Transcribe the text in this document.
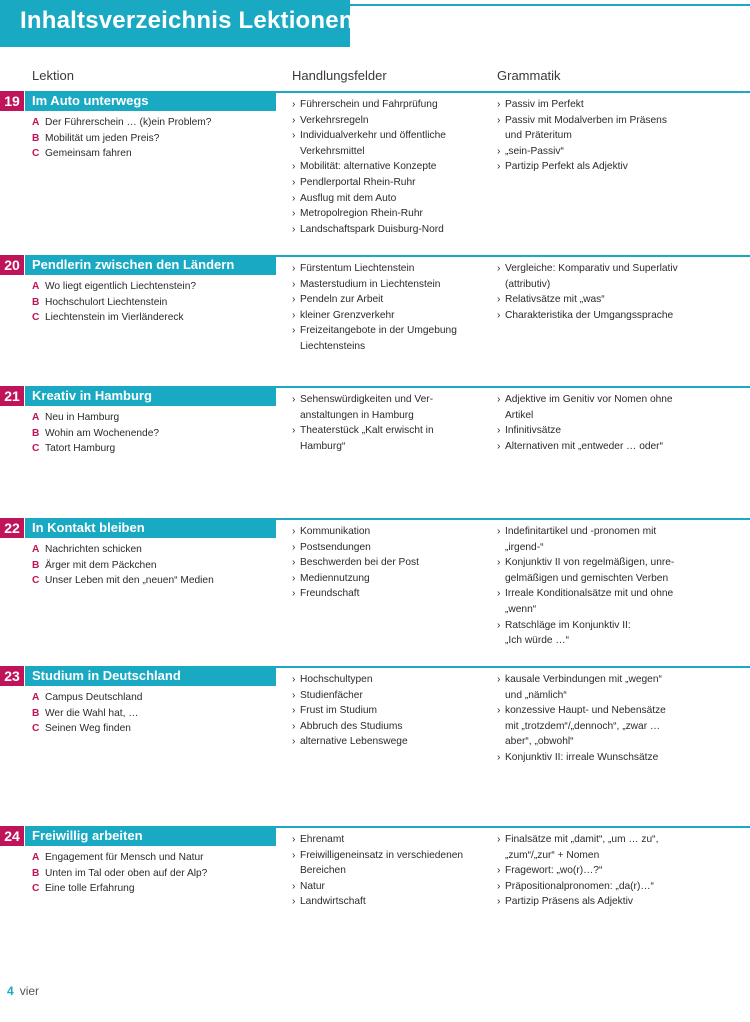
Inhaltsverzeichnis Lektionen
Lektion	Handlungsfelder	Grammatik
19 Im Auto unterwegs
A Der Führerschein … (k)ein Problem?
B Mobilität um jeden Preis?
C Gemeinsam fahren
› Führerschein und Fahrprüfung
› Verkehrsregeln
› Individualverkehr und öffentliche
Verkehrsmittel
› Mobilität: alternative Konzepte
› Pendlerportal Rhein-Ruhr
› Ausflug mit dem Auto
› Metropolregion Rhein-Ruhr
› Landschaftspark Duisburg-Nord
› Passiv im Perfekt
› Passiv mit Modalverben im Präsens
und Präteritum
› „sein-Passiv“
› Partizip Perfekt als Adjektiv
20 Pendlerin zwischen den Ländern
A Wo liegt eigentlich Liechtenstein?
B Hochschulort Liechtenstein
C Liechtenstein im Vierländereck
› Fürstentum Liechtenstein
› Masterstudium in Liechtenstein
› Pendeln zur Arbeit
› kleiner Grenzverkehr
› Freizeitangebote in der Umgebung
Liechtensteins
› Vergleiche: Komparativ und Superlativ
(attributiv)
› Relativsätze mit „was“
› Charakteristika der Umgangssprache
21 Kreativ in Hamburg
A Neu in Hamburg
B Wohin am Wochenende?
C Tatort Hamburg
› Sehenswürdigkeiten und Ver-
anstaltungen in Hamburg
› Theaterstück „Kalt erwischt in
Hamburg“
› Adjektive im Genitiv vor Nomen ohne
Artikel
› Infinitivsätze
› Alternativen mit „entweder … oder“
22 In Kontakt bleiben
A Nachrichten schicken
B Ärger mit dem Päckchen
C Unser Leben mit den „neuen“ Medien
› Kommunikation
› Postsendungen
› Beschwerden bei der Post
› Mediennutzung
› Freundschaft
› Indefinitartikel und -pronomen mit
„irgend-“
› Konjunktiv II von regelmäßigen, unre-
gelmäßigen und gemischten Verben
› Irreale Konditionalsätze mit und ohne
„wenn“
› Ratschläge im Konjunktiv II:
„Ich würde …“
23 Studium in Deutschland
A Campus Deutschland
B Wer die Wahl hat, …
C Seinen Weg finden
› Hochschultypen
› Studienfächer
› Frust im Studium
› Abbruch des Studiums
› alternative Lebenswege
› kausale Verbindungen mit „wegen“
und „nämlich“
› konzessive Haupt- und Nebensätze
mit „trotzdem“/„dennoch“, „zwar …
aber“, „obwohl“
› Konjunktiv II: irreale Wunschsätze
24 Freiwillig arbeiten
A Engagement für Mensch und Natur
B Unten im Tal oder oben auf der Alp?
C Eine tolle Erfahrung
› Ehrenamt
› Freiwilligeneinsatz in verschiedenen
Bereichen
› Natur
› Landwirtschaft
› Finalsätze mit „damit“, „um … zu“,
„zum“/„zur“ + Nomen
› Fragewort: „wo(r)…?“
› Präpositionalpronomen: „da(r)…“
› Partizip Präsens als Adjektiv
4 vier
